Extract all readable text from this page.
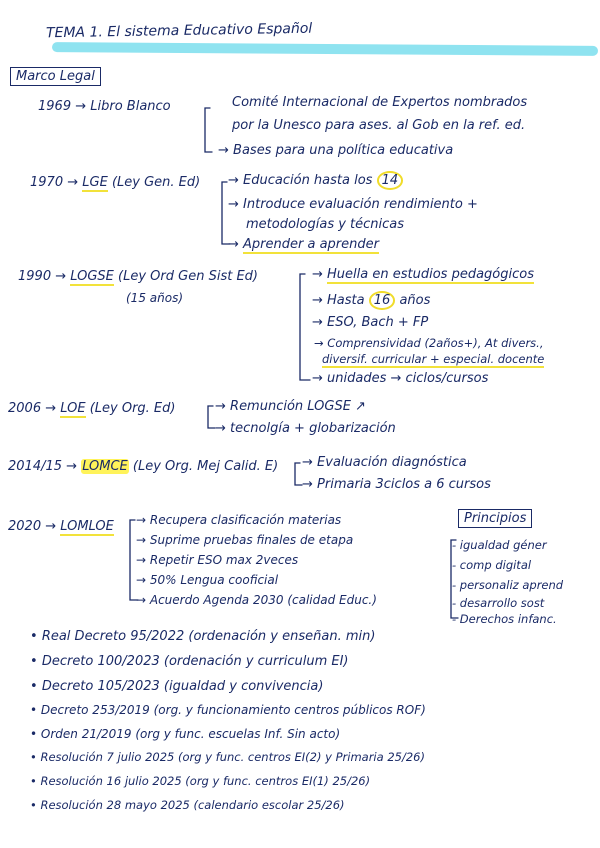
TEMA 1. El sistema Educativo Español
Marco Legal
1969 → Libro Blanco	Comité Internacional de Expertos nombrados
por la Unesco para ases. al Gob en la ref. ed.
→ Bases para una política educativa
1970 → LGE (Ley Gen. Ed) → Educación hasta los 14
→ Introduce evaluación rendimiento +
metodologías y técnicas
→ Aprender a aprender
1990 → LOGSE (Ley Ord Gen Sist Ed)
(15 años)
→ Huella en estudios pedagógicos
→ Hasta 16 años
→ ESO, Bach + FP
→ Comprensividad (2años+), At divers.,
diversif. curricular + especial. docente
→ unidades → ciclos/cursos
2006 → LOE (Ley Org. Ed)	→ Remunción LOGSE ↗
→ tecnolgía + globarización
2014/15 → LOMCE (Ley Org. Mej Calid. E) → Evaluación diagnóstica
→ Primaria 3ciclos a 6 cursos
2020 → LOMLOE → Recupera clasificación materias
→ Suprime pruebas finales de etapa
→ Repetir ESO max 2veces
→ 50% Lengua cooficial
→ Acuerdo Agenda 2030 (calidad Educ.)
Principios
- igualdad géner
- comp digital
- personaliz aprend
- desarrollo sost
- Derechos infanc.
• Real Decreto 95/2022 (ordenación y enseñan. min)
• Decreto 100/2023 (ordenación y curriculum EI)
• Decreto 105/2023 (igualdad y convivencia)
• Decreto 253/2019 (org. y funcionamiento centros públicos ROF)
• Orden 21/2019 (org y func. escuelas Inf. Sin acto)
• Resolución 7 julio 2025 (org y func. centros EI(2) y Primaria 25/26)
• Resolución 16 julio 2025 (org y func. centros EI(1) 25/26)
• Resolución 28 mayo 2025 (calendario escolar 25/26)
